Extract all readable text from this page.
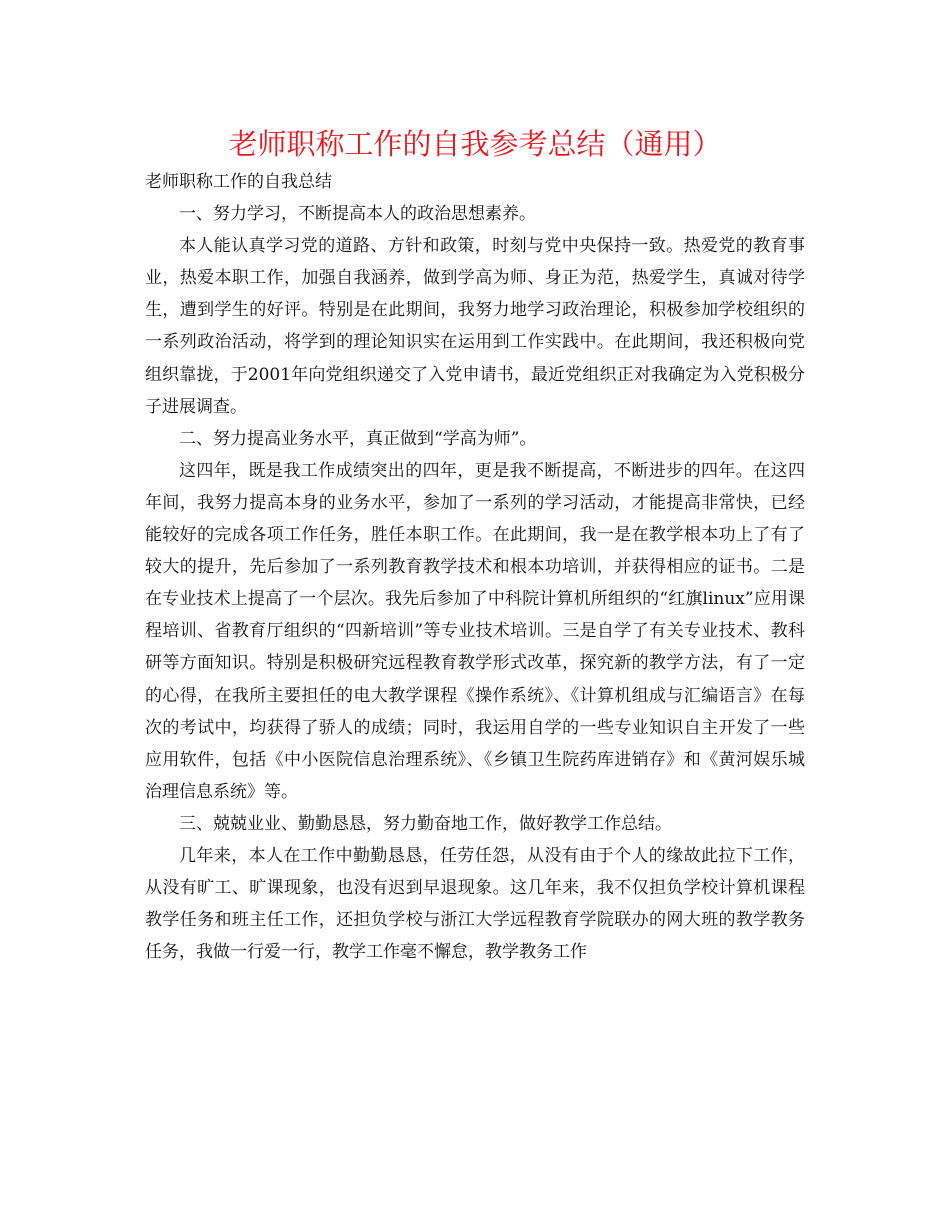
老师职称工作的自我参考总结（通用）

老师职称工作的自我总结

一、努力学习，不断提高本人的政治思想素养。

本人能认真学习党的道路、方针和政策，时刻与党中央保持一致。热爱党的教育事业，热爱本职工作，加强自我涵养，做到学高为师、身正为范，热爱学生，真诚对待学生，遭到学生的好评。特别是在此期间，我努力地学习政治理论，积极参加学校组织的一系列政治活动，将学到的理论知识实在运用到工作实践中。在此期间，我还积极向党组织靠拢，于2001年向党组织递交了入党申请书，最近党组织正对我确定为入党积极分子进展调查。

二、努力提高业务水平，真正做到“学高为师”。

这四年，既是我工作成绩突出的四年，更是我不断提高，不断进步的四年。在这四年间，我努力提高本身的业务水平，参加了一系列的学习活动，才能提高非常快，已经能较好的完成各项工作任务，胜任本职工作。在此期间，我一是在教学根本功上了有了较大的提升，先后参加了一系列教育教学技术和根本功培训，并获得相应的证书。二是在专业技术上提高了一个层次。我先后参加了中科院计算机所组织的“红旗linux”应用课程培训、省教育厅组织的“四新培训”等专业技术培训。三是自学了有关专业技术、教科研等方面知识。特别是积极研究远程教育教学形式改革，探究新的教学方法，有了一定的心得，在我所主要担任的电大教学课程《操作系统》、《计算机组成与汇编语言》在每次的考试中，均获得了骄人的成绩；同时，我运用自学的一些专业知识自主开发了一些应用软件，包括《中小医院信息治理系统》、《乡镇卫生院药库进销存》和《黄河娱乐城治理信息系统》等。

三、兢兢业业、勤勤恳恳，努力勤奋地工作，做好教学工作总结。

几年来，本人在工作中勤勤恳恳，任劳任怨，从没有由于个人的缘故此拉下工作，从没有旷工、旷课现象，也没有迟到早退现象。这几年来，我不仅担负学校计算机课程教学任务和班主任工作，还担负学校与浙江大学远程教育学院联办的网大班的教学教务任务，我做一行爱一行，教学工作毫不懈怠，教学教务工作
